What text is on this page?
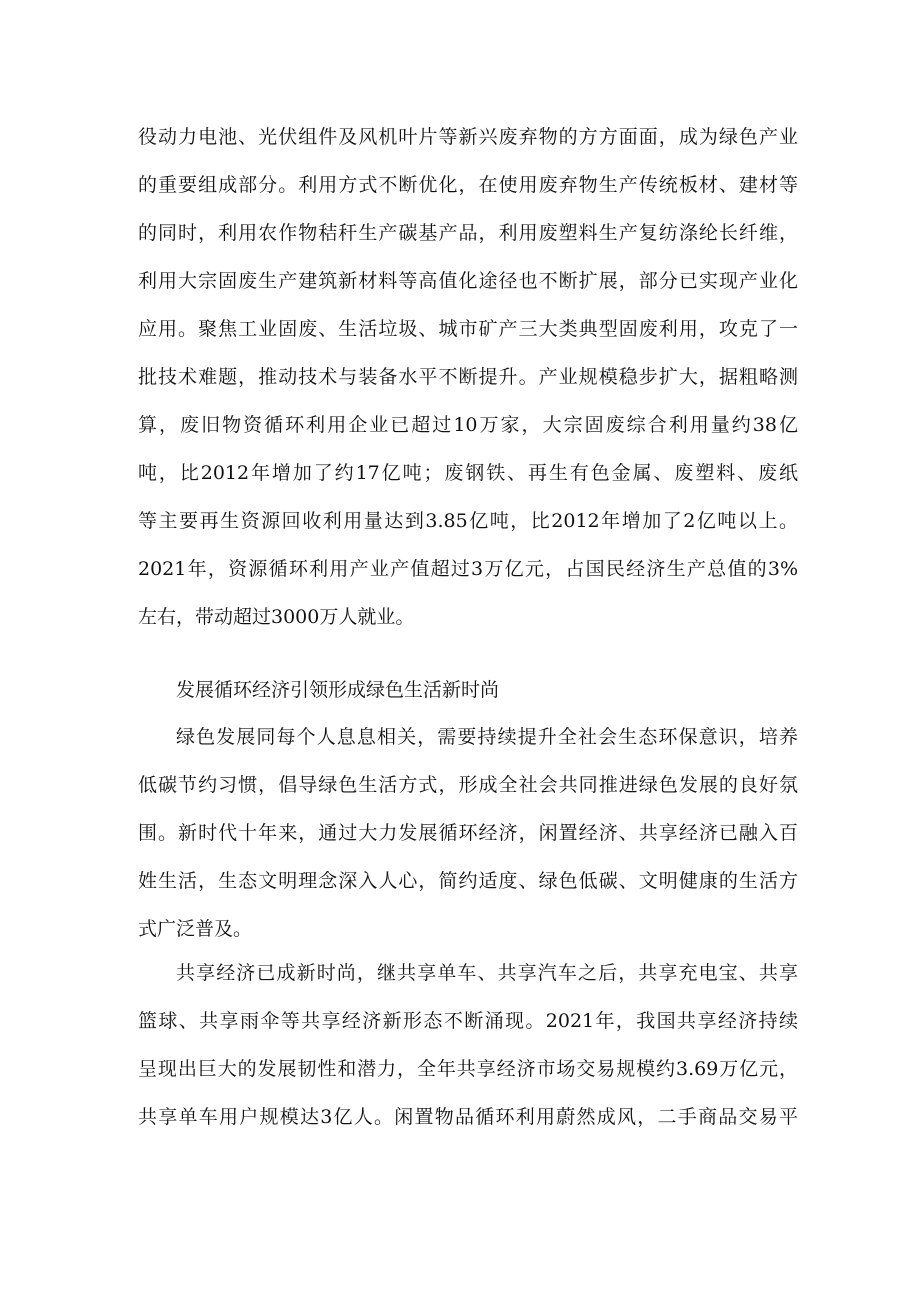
役动力电池、光伏组件及风机叶片等新兴废弃物的方方面面，成为绿色产业
的重要组成部分。利用方式不断优化，在使用废弃物生产传统板材、建材等
的同时，利用农作物秸秆生产碳基产品，利用废塑料生产复纺涤纶长纤维，
利用大宗固废生产建筑新材料等高值化途径也不断扩展，部分已实现产业化
应用。聚焦工业固废、生活垃圾、城市矿产三大类典型固废利用，攻克了一
批技术难题，推动技术与装备水平不断提升。产业规模稳步扩大，据粗略测
算，废旧物资循环利用企业已超过10万家，大宗固废综合利用量约38亿
吨，比2012年增加了约17亿吨；废钢铁、再生有色金属、废塑料、废纸
等主要再生资源回收利用量达到3.85亿吨，比2012年增加了2亿吨以上。
2021年，资源循环利用产业产值超过3万亿元，占国民经济生产总值的3%
左右，带动超过3000万人就业。
发展循环经济引领形成绿色生活新时尚
绿色发展同每个人息息相关，需要持续提升全社会生态环保意识，培养
低碳节约习惯，倡导绿色生活方式，形成全社会共同推进绿色发展的良好氛
围。新时代十年来，通过大力发展循环经济，闲置经济、共享经济已融入百
姓生活，生态文明理念深入人心，简约适度、绿色低碳、文明健康的生活方
式广泛普及。
共享经济已成新时尚，继共享单车、共享汽车之后，共享充电宝、共享
篮球、共享雨伞等共享经济新形态不断涌现。2021年，我国共享经济持续
呈现出巨大的发展韧性和潜力，全年共享经济市场交易规模约3.69万亿元，
共享单车用户规模达3亿人。闲置物品循环利用蔚然成风，二手商品交易平
